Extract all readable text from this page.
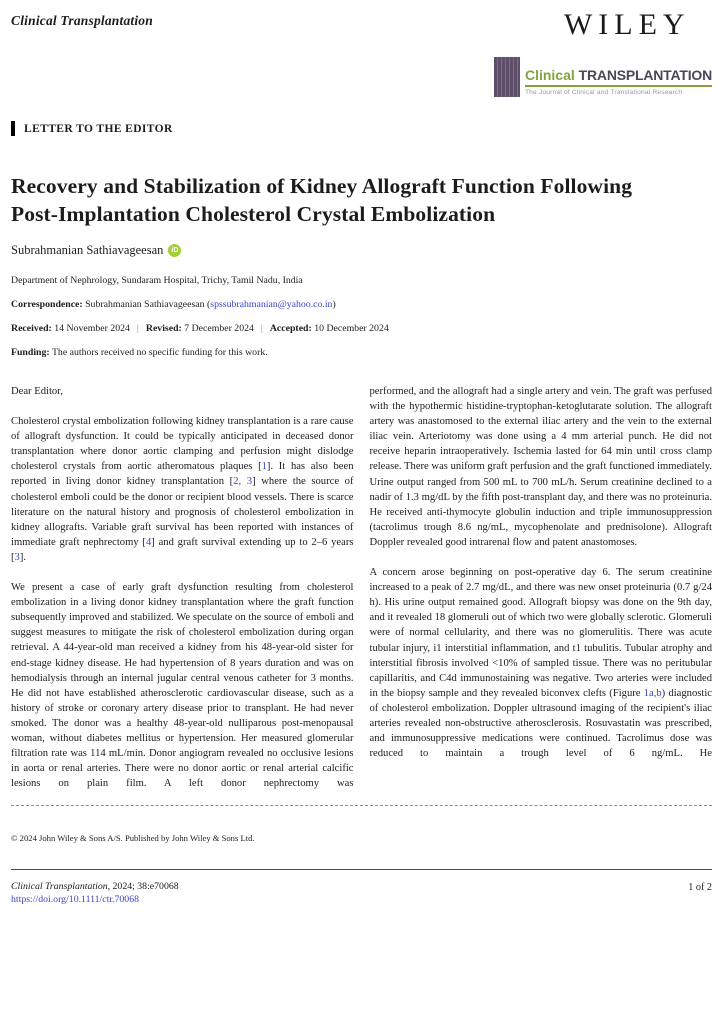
Clinical Transplantation	WILEY
Clinical TRANSPLANTATION
The Journal of Clinical and Translational Research
LETTER TO THE EDITOR
Recovery and Stabilization of Kidney Allograft Function Following Post-Implantation Cholesterol Crystal Embolization
Subrahmanian Sathiavageesan	iD
Department of Nephrology, Sundaram Hospital, Trichy, Tamil Nadu, India
Correspondence: Subrahmanian Sathiavageesan (spssubrahmanian@yahoo.co.in)
Received: 14 November 2024 | Revised: 7 December 2024 | Accepted: 10 December 2024
Funding: The authors received no specific funding for this work.

Dear Editor,

Cholesterol crystal embolization following kidney transplantation is a rare cause of allograft dysfunction. It could be typically anticipated in deceased donor transplantation where donor aortic clamping and perfusion might dislodge cholesterol crystals from aortic atheromatous plaques [1]. It has also been reported in living donor kidney transplantation [2, 3] where the source of cholesterol emboli could be the donor or recipient blood vessels. There is scarce literature on the natural history and prognosis of cholesterol embolization in kidney allografts. Variable graft survival has been reported with instances of immediate graft nephrectomy [4] and graft survival extending up to 2–6 years [3].

We present a case of early graft dysfunction resulting from cholesterol embolization in a living donor kidney transplantation where the graft function subsequently improved and stabilized. We speculate on the source of emboli and suggest measures to mitigate the risk of cholesterol embolization during organ retrieval. A 44-year-old man received a kidney from his 48-year-old sister for end-stage kidney disease. He had hypertension of 8 years duration and was on hemodialysis through an internal jugular central venous catheter for 3 months. He did not have established atherosclerotic cardiovascular disease, such as a history of stroke or coronary artery disease prior to transplant. He had never smoked. The donor was a healthy 48-year-old nulliparous post-menopausal woman, without diabetes mellitus or hypertension. Her measured glomerular filtration rate was 114 mL/min. Donor angiogram revealed no occlusive lesions in aorta or renal arteries. There were no donor aortic or renal arterial calcific lesions on plain film. A left donor nephrectomy was

performed, and the allograft had a single artery and vein. The graft was perfused with the hypothermic histidine-tryptophan-ketoglutarate solution. The allograft artery was anastomosed to the external iliac artery and the vein to the external iliac vein. Arteriotomy was done using a 4 mm arterial punch. He did not receive heparin intraoperatively. Ischemia lasted for 64 min until cross clamp release. There was uniform graft perfusion and the graft functioned immediately. Urine output ranged from 500 mL to 700 mL/h. Serum creatinine declined to a nadir of 1.3 mg/dL by the fifth post-transplant day, and there was no proteinuria. He received anti-thymocyte globulin induction and triple immunosuppression (tacrolimus trough 8.6 ng/mL, mycophenolate and prednisolone). Allograft Doppler revealed good intrarenal flow and patent anastomoses.

A concern arose beginning on post-operative day 6. The serum creatinine increased to a peak of 2.7 mg/dL, and there was new onset proteinuria (0.7 g/24 h). His urine output remained good. Allograft biopsy was done on the 9th day, and it revealed 18 glomeruli out of which two were globally sclerotic. Glomeruli were of normal cellularity, and there was no glomerulitis. There was acute tubular injury, i1 interstitial inflammation, and t1 tubulitis. Tubular atrophy and interstitial fibrosis involved <10% of sampled tissue. There was no peritubular capillaritis, and C4d immunostaining was negative. Two arteries were included in the biopsy sample and they revealed biconvex clefts (Figure 1a,b) diagnostic of cholesterol embolization. Doppler ultrasound imaging of the recipient's iliac arteries revealed non-obstructive atherosclerosis. Rosuvastatin was prescribed, and immunosuppressive medications were continued. Tacrolimus dose was reduced to maintain a trough level of 6 ng/mL. He

© 2024 John Wiley & Sons A/S. Published by John Wiley & Sons Ltd.
Clinical Transplantation, 2024; 38:e70068
https://doi.org/10.1111/ctr.70068
1 of 2
